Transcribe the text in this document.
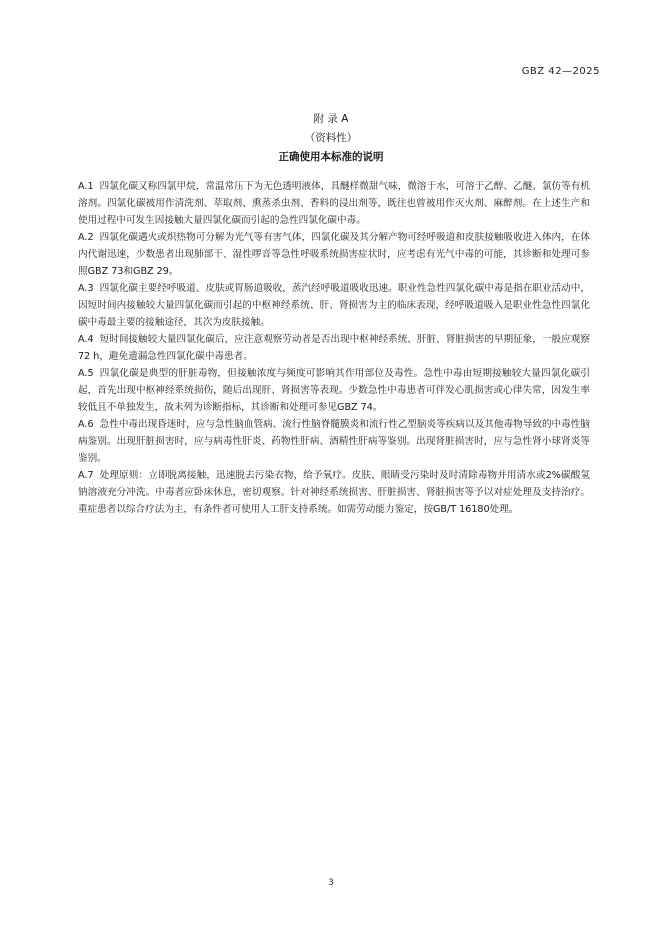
GBZ 42—2025
附 录 A
（资料性）
正确使用本标准的说明

A.1 四氯化碳又称四氯甲烷，常温常压下为无色透明液体，具醚样微甜气味，微溶于水，可溶于乙醇、乙醚、氯仿等有机溶剂。四氯化碳被用作清洗剂、萃取剂、熏蒸杀虫剂、香料的浸出剂等，既往也曾被用作灭火剂、麻醉剂。在上述生产和使用过程中可发生因接触大量四氯化碳而引起的急性四氯化碳中毒。

A.2 四氯化碳遇火或炽热物可分解为光气等有害气体，四氯化碳及其分解产物可经呼吸道和皮肤接触吸收进入体内，在体内代谢迅速，少数患者出现肺部干、湿性啰音等急性呼吸系统损害症状时，应考虑有光气中毒的可能，其诊断和处理可参照GBZ 73和GBZ 29。

A.3 四氯化碳主要经呼吸道、皮肤或胃肠道吸收，蒸汽经呼吸道吸收迅速。职业性急性四氯化碳中毒是指在职业活动中，因短时间内接触较大量四氯化碳而引起的中枢神经系统、肝、肾损害为主的临床表现，经呼吸道吸入是职业性急性四氯化碳中毒最主要的接触途径，其次为皮肤接触。

A.4 短时间接触较大量四氯化碳后，应注意观察劳动者是否出现中枢神经系统、肝脏、肾脏损害的早期征象，一般应观察72 h，避免遗漏急性四氯化碳中毒患者。

A.5 四氯化碳是典型的肝脏毒物，但接触浓度与频度可影响其作用部位及毒性。急性中毒由短期接触较大量四氯化碳引起，首先出现中枢神经系统损伤，随后出现肝、肾损害等表现。少数急性中毒患者可伴发心肌损害或心律失常，因发生率较低且不单独发生，故未列为诊断指标，其诊断和处理可参见GBZ 74。

A.6 急性中毒出现昏迷时，应与急性脑血管病、流行性脑脊髓膜炎和流行性乙型脑炎等疾病以及其他毒物导致的中毒性脑病鉴别。出现肝脏损害时，应与病毒性肝炎、药物性肝病、酒精性肝病等鉴别。出现肾脏损害时，应与急性肾小球肾炎等鉴别。

A.7 处理原则：立即脱离接触，迅速脱去污染衣物，给予氧疗。皮肤、眼睛受污染时及时清除毒物并用清水或2%碳酸氢钠溶液充分冲洗。中毒者应卧床休息，密切观察。针对神经系统损害、肝脏损害、肾脏损害等予以对症处理及支持治疗。重症患者以综合疗法为主，有条件者可使用人工肝支持系统。如需劳动能力鉴定，按GB/T 16180处理。

3
